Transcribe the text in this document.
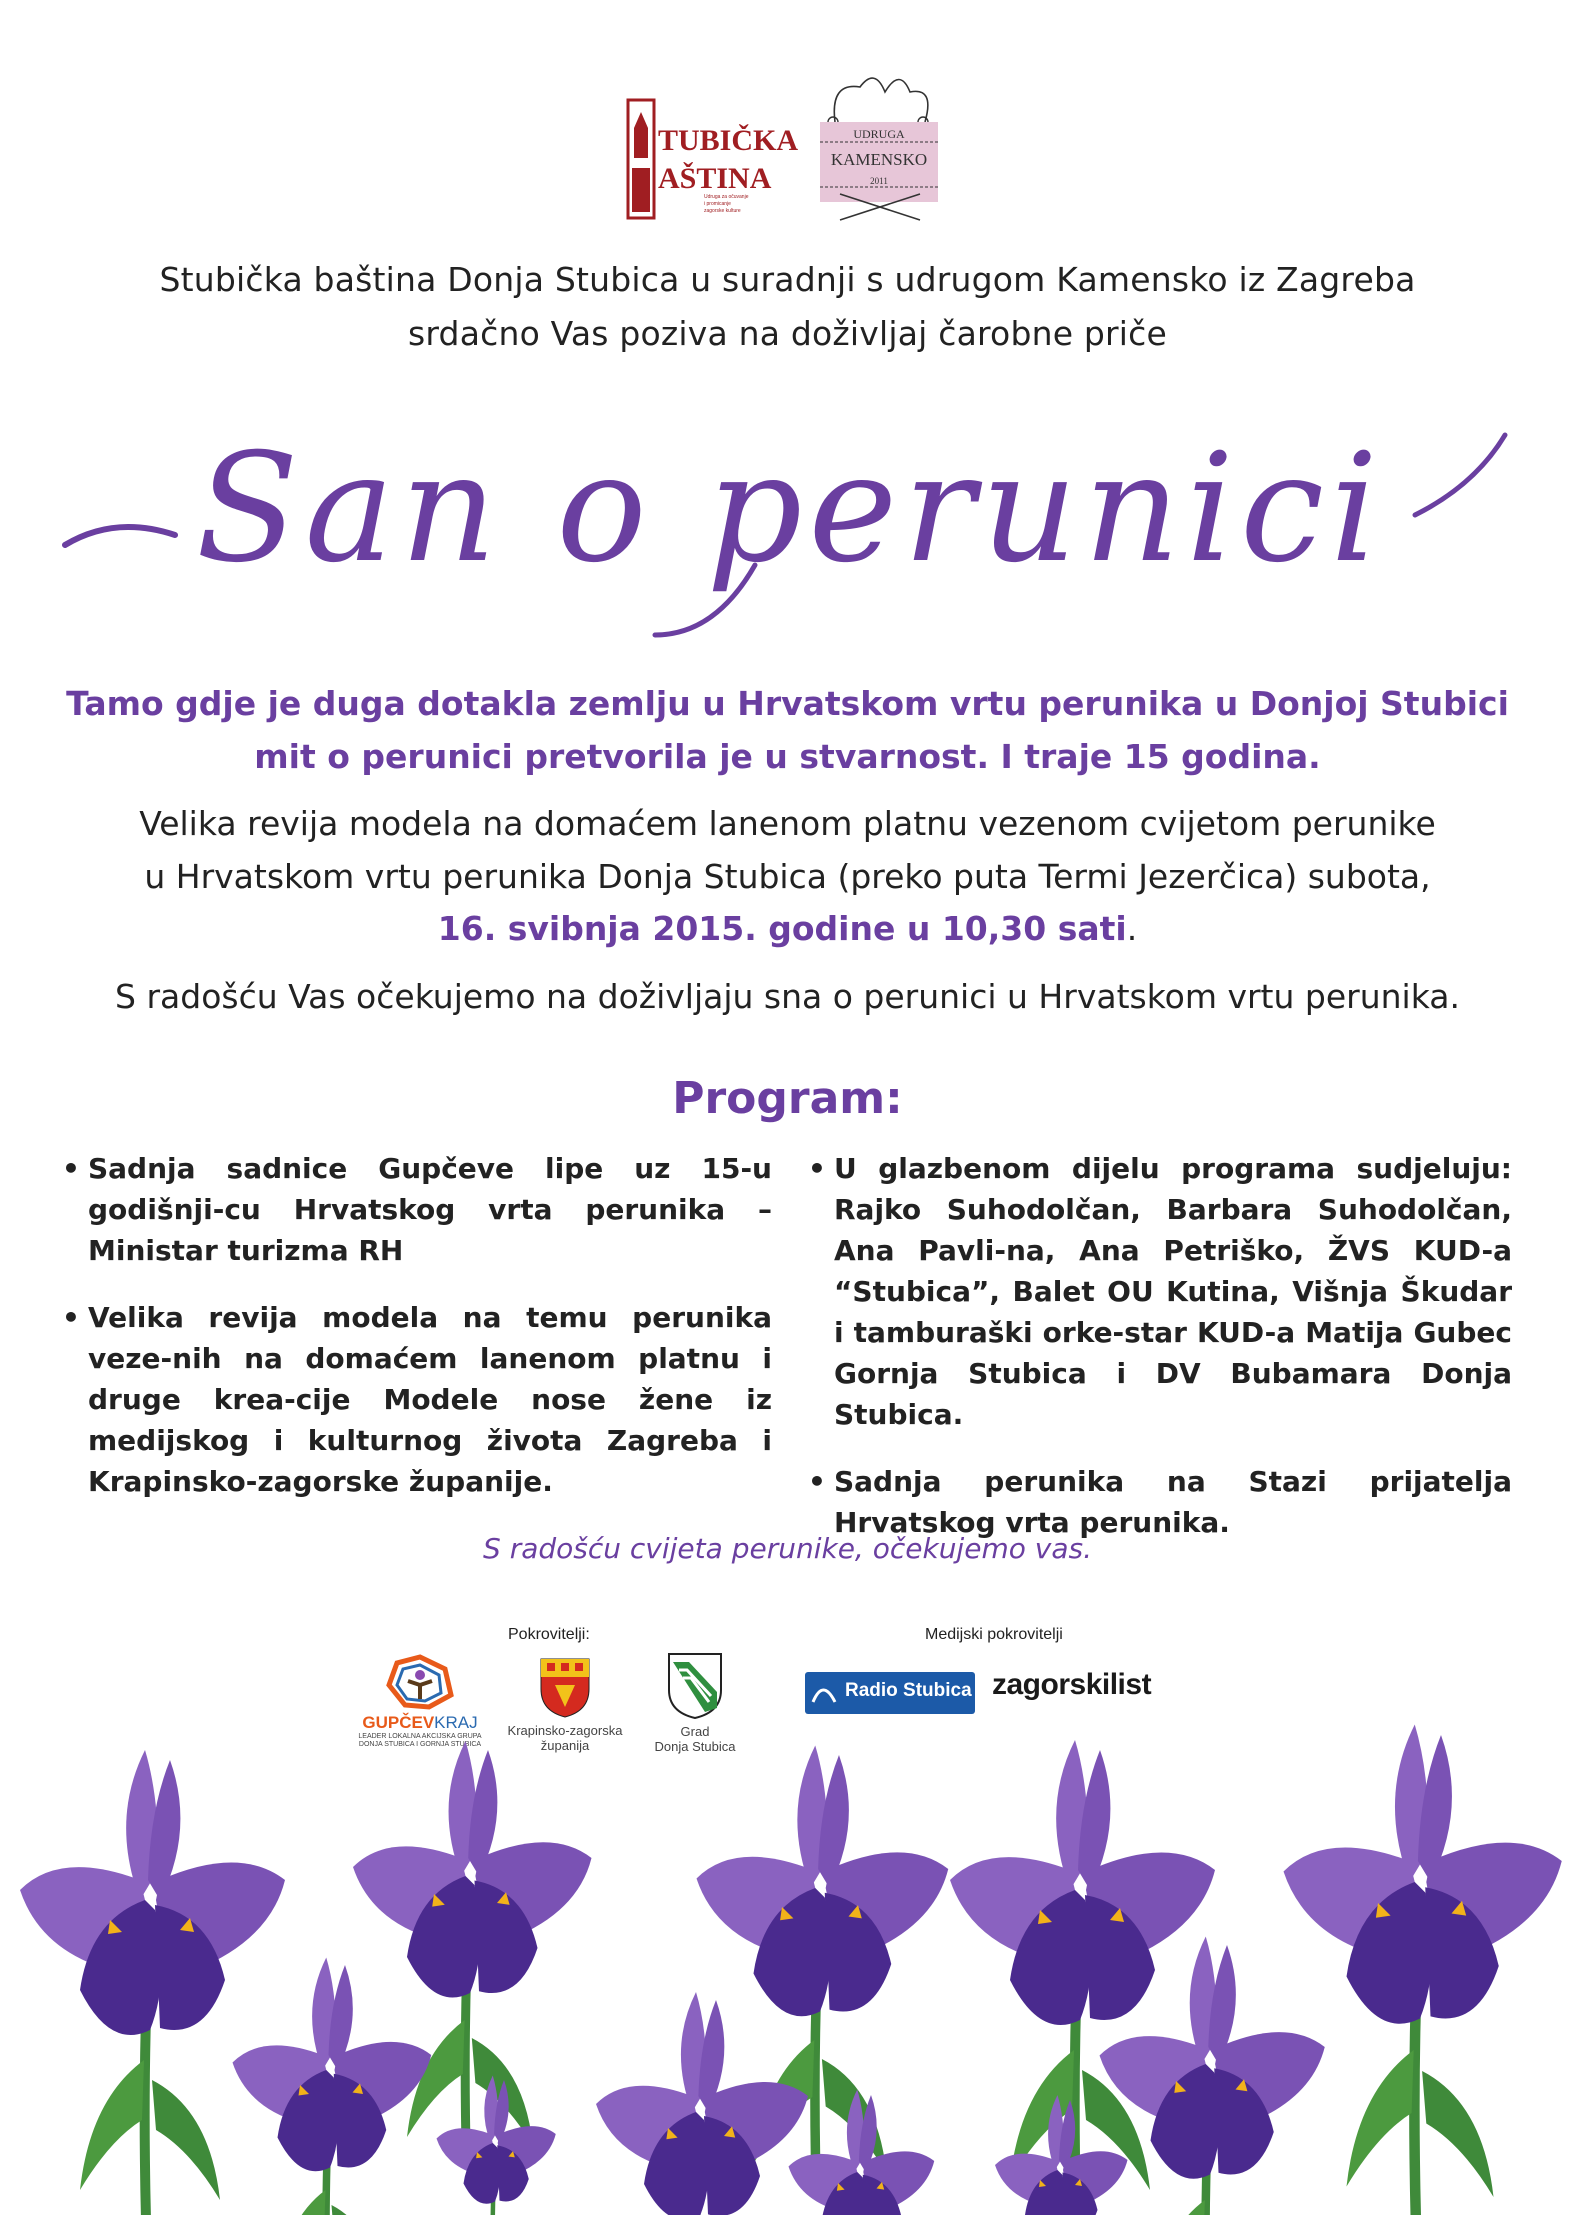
TUBIČKA
AŠTINA
Udruga za očuvanje
i promicanje
zagorske kulture
UDRUGA
KAMENSKO
2011
Stubička baština Donja Stubica u suradnji s udrugom Kamensko iz Zagreba
srdačno Vas poziva na doživljaj čarobne priče
San o perunici
Tamo gdje je duga dotakla zemlju u Hrvatskom vrtu perunika u Donjoj Stubici
mit o perunici pretvorila je u stvarnost. I traje 15 godina.
Velika revija modela na domaćem lanenom platnu vezenom cvijetom perunike
u Hrvatskom vrtu perunika Donja Stubica (preko puta Termi Jezerčica) subota,
16. svibnja 2015. godine u 10,30 sati.
S radošću Vas očekujemo na doživljaju sna o perunici u Hrvatskom vrtu perunika.
Program:
• Sadnja sadnice Gupčeve lipe uz 15-u godišnji-cu Hrvatskog vrta perunika – Ministar turizma RH
• Velika revija modela na temu perunika veze-nih na domaćem lanenom platnu i druge krea-cije Modele nose žene iz medijskog i kulturnog života Zagreba i Krapinsko-zagorske županije.
• U glazbenom dijelu programa sudjeluju: Rajko Suhodolčan, Barbara Suhodolčan, Ana Pavli-na, Ana Petriško, ŽVS KUD-a “Stubica”, Balet OU Kutina, Višnja Škudar i tamburaški orke-star KUD-a Matija Gubec Gornja Stubica i DV Bubamara Donja Stubica.
• Sadnja perunika na Stazi prijatelja Hrvatskog vrta perunika.
S radošću cvijeta perunike, očekujemo vas.
Pokrovitelji:	Medijski pokrovitelji
GUPČEVKRAJ
LEADER LOKALNA AKCIJSKA GRUPA
DONJA STUBICA I GORNJA STUBICA
Krapinsko-zagorska
županija
Grad
Donja Stubica
Radio Stubica zagorskilist
